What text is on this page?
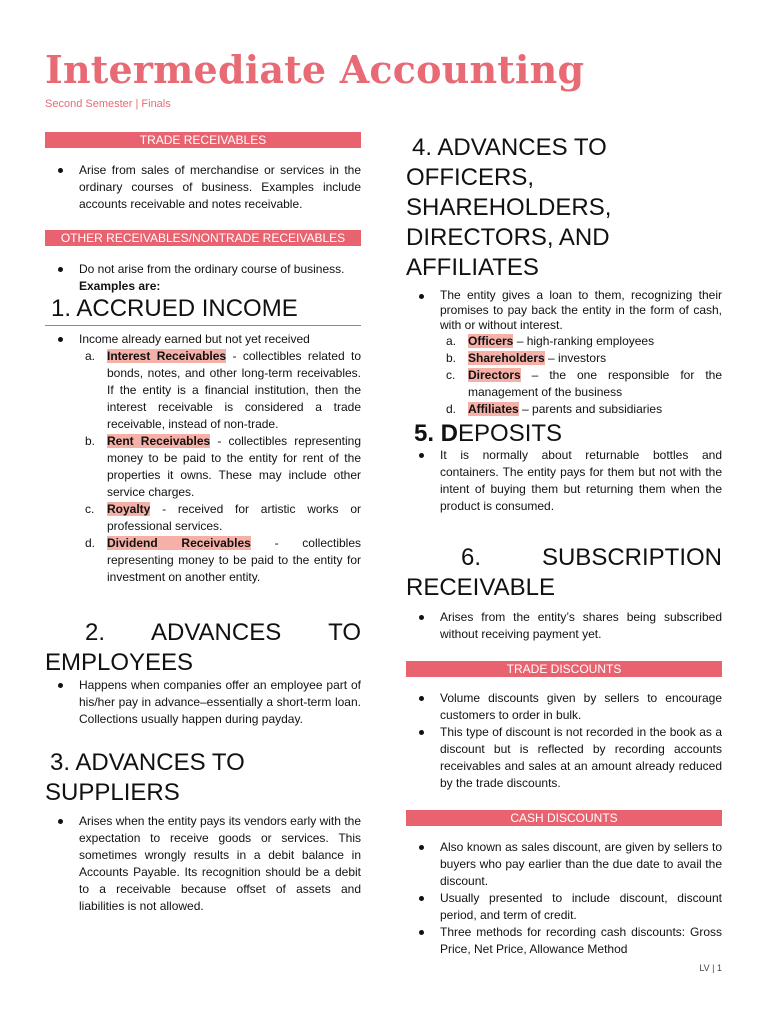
Intermediate Accounting
Second Semester | Finals
TRADE RECEIVABLES
Arise from sales of merchandise or services in the ordinary courses of business. Examples include accounts receivable and notes receivable.
OTHER RECEIVABLES/NONTRADE RECEIVABLES
Do not arise from the ordinary course of business.
Examples are:
1. ACCRUED INCOME
Income already earned but not yet received
a. Interest Receivables - collectibles related to bonds, notes, and other long-term receivables. If the entity is a financial institution, then the interest receivable is considered a trade receivable, instead of non-trade.
b. Rent Receivables - collectibles representing money to be paid to the entity for rent of the properties it owns. These may include other service charges.
c. Royalty - received for artistic works or professional services.
d. Dividend Receivables - collectibles representing money to be paid to the entity for investment on another entity.
2. ADVANCES TO
EMPLOYEES
Happens when companies offer an employee part of his/her pay in advance–essentially a short-term loan. Collections usually happen during payday.
3. ADVANCES TO
SUPPLIERS
Arises when the entity pays its vendors early with the expectation to receive goods or services. This sometimes wrongly results in a debit balance in Accounts Payable. Its recognition should be a debit to a receivable because offset of assets and liabilities is not allowed.
4. ADVANCES TO
OFFICERS,
SHAREHOLDERS,
DIRECTORS, AND
AFFILIATES
The entity gives a loan to them, recognizing their promises to pay back the entity in the form of cash, with or without interest.
a. Officers – high-ranking employees
b. Shareholders – investors
c. Directors – the one responsible for the management of the business
d. Affiliates – parents and subsidiaries
5. DEPOSITS
It is normally about returnable bottles and containers. The entity pays for them but not with the intent of buying them but returning them when the product is consumed.
6. SUBSCRIPTION
RECEIVABLE
Arises from the entity’s shares being subscribed without receiving payment yet.
TRADE DISCOUNTS
Volume discounts given by sellers to encourage customers to order in bulk.
This type of discount is not recorded in the book as a discount but is reflected by recording accounts receivables and sales at an amount already reduced by the trade discounts.
CASH DISCOUNTS
Also known as sales discount, are given by sellers to buyers who pay earlier than the due date to avail the discount.
Usually presented to include discount, discount period, and term of credit.
Three methods for recording cash discounts: Gross Price, Net Price, Allowance Method
LV | 1
